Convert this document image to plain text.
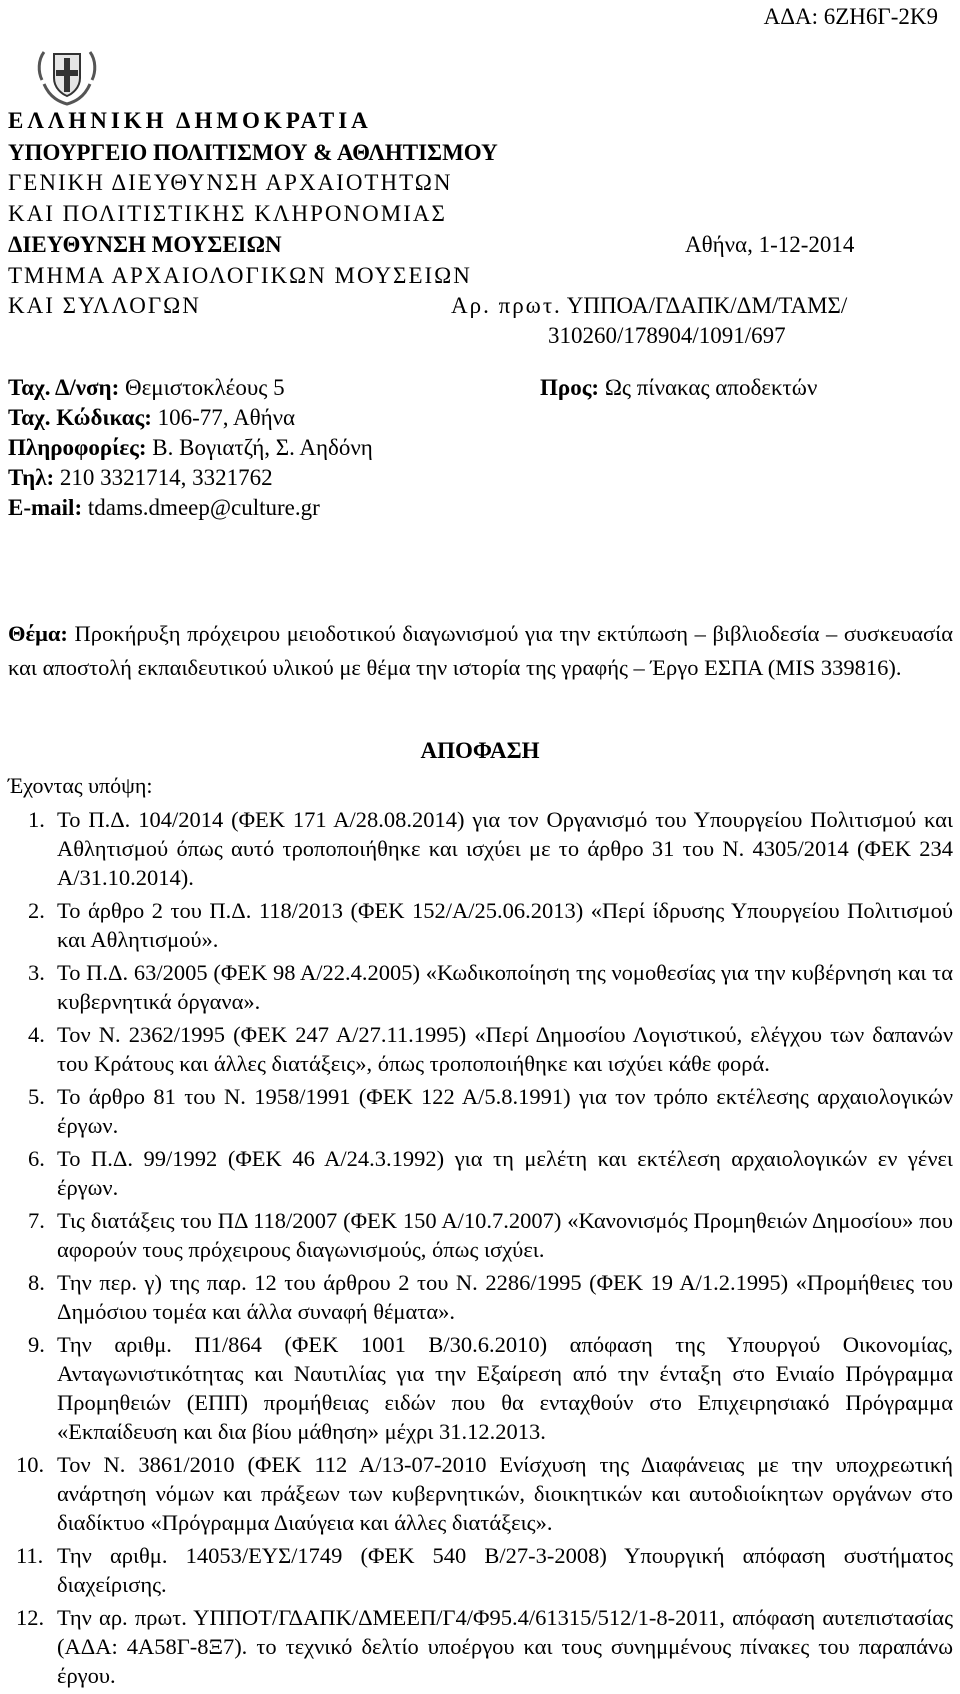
ΑΔΑ: 6ΖΗ6Γ-2Κ9
ΕΛΛΗΝΙΚΗ ΔΗΜΟΚΡΑΤΙΑ
ΥΠΟΥΡΓΕΙΟ ΠΟΛΙΤΙΣΜΟΥ & ΑΘΛΗΤΙΣΜΟΥ
ΓΕΝΙΚΗ ΔΙΕΥΘΥΝΣΗ ΑΡΧΑΙΟΤΗΤΩΝ
ΚΑΙ ΠΟΛΙΤΙΣΤΙΚΗΣ ΚΛΗΡΟΝΟΜΙΑΣ
ΔΙΕΥΘΥΝΣΗ ΜΟΥΣΕΙΩΝ
ΤΜΗΜΑ ΑΡΧΑΙΟΛΟΓΙΚΩΝ ΜΟΥΣΕΙΩΝ
ΚΑΙ ΣΥΛΛΟΓΩΝ
Αθήνα, 1-12-2014
Αρ. πρωτ. ΥΠΠΟΑ/ΓΔΑΠΚ/ΔΜ/ΤΑΜΣ/
310260/178904/1091/697
Ταχ. Δ/νση: Θεμιστοκλέους 5
Ταχ. Κώδικας: 106-77, Αθήνα
Πληροφορίες: Β. Βογιατζή, Σ. Αηδόνη
Τηλ: 210 3321714, 3321762
E-mail: tdams.dmeep@culture.gr
Προς: Ως πίνακας αποδεκτών
Θέμα: Προκήρυξη πρόχειρου μειοδοτικού διαγωνισμού για την εκτύπωση – βιβλιοδεσία – συσκευασία και αποστολή εκπαιδευτικού υλικού με θέμα την ιστορία της γραφής – Έργο ΕΣΠΑ (MIS 339816).
ΑΠΟΦΑΣΗ
Έχοντας υπόψη:
1. Το Π.Δ. 104/2014 (ΦΕΚ 171 Α/28.08.2014) για τον Οργανισμό του Υπουργείου Πολιτισμού και Αθλητισμού όπως αυτό τροποποιήθηκε και ισχύει με το άρθρο 31 του Ν. 4305/2014 (ΦΕΚ 234 Α/31.10.2014).
2. Το άρθρο 2 του Π.Δ. 118/2013 (ΦΕΚ 152/Α/25.06.2013) «Περί ίδρυσης Υπουργείου Πολιτισμού και Αθλητισμού».
3. Το Π.Δ. 63/2005 (ΦΕΚ 98 Α/22.4.2005) «Κωδικοποίηση της νομοθεσίας για την κυβέρνηση και τα κυβερνητικά όργανα».
4. Τον Ν. 2362/1995 (ΦΕΚ 247 Α/27.11.1995) «Περί Δημοσίου Λογιστικού, ελέγχου των δαπανών του Κράτους και άλλες διατάξεις», όπως τροποποιήθηκε και ισχύει κάθε φορά.
5. Το άρθρο 81 του Ν. 1958/1991 (ΦΕΚ 122 Α/5.8.1991) για τον τρόπο εκτέλεσης αρχαιολογικών έργων.
6. Το Π.Δ. 99/1992 (ΦΕΚ 46 Α/24.3.1992) για τη μελέτη και εκτέλεση αρχαιολογικών εν γένει έργων.
7. Τις διατάξεις του ΠΔ 118/2007 (ΦΕΚ 150 Α/10.7.2007) «Κανονισμός Προμηθειών Δημοσίου» που αφορούν τους πρόχειρους διαγωνισμούς, όπως ισχύει.
8. Την περ. γ) της παρ. 12 του άρθρου 2 του Ν. 2286/1995 (ΦΕΚ 19 Α/1.2.1995) «Προμήθειες του Δημόσιου τομέα και άλλα συναφή θέματα».
9. Την αριθμ. Π1/864 (ΦΕΚ 1001 Β/30.6.2010) απόφαση της Υπουργού Οικονομίας, Ανταγωνιστικότητας και Ναυτιλίας για την Εξαίρεση από την ένταξη στο Ενιαίο Πρόγραμμα Προμηθειών (ΕΠΠ) προμήθειας ειδών που θα ενταχθούν στο Επιχειρησιακό Πρόγραμμα «Εκπαίδευση και δια βίου μάθηση» μέχρι 31.12.2013.
10. Τον Ν. 3861/2010 (ΦΕΚ 112 Α/13-07-2010 Ενίσχυση της Διαφάνειας με την υποχρεωτική ανάρτηση νόμων και πράξεων των κυβερνητικών, διοικητικών και αυτοδιοίκητων οργάνων στο διαδίκτυο «Πρόγραμμα Διαύγεια και άλλες διατάξεις».
11. Την αριθμ. 14053/ΕΥΣ/1749 (ΦΕΚ 540 Β/27-3-2008) Υπουργική απόφαση συστήματος διαχείρισης.
12. Την αρ. πρωτ. ΥΠΠΟΤ/ΓΔΑΠΚ/ΔΜΕΕΠ/Γ4/Φ95.4/61315/512/1-8-2011, απόφαση αυτεπιστασίας (ΑΔΑ: 4Α58Γ-8Ξ7). το τεχνικό δελτίο υποέργου και τους συνημμένους πίνακες του παραπάνω έργου.
